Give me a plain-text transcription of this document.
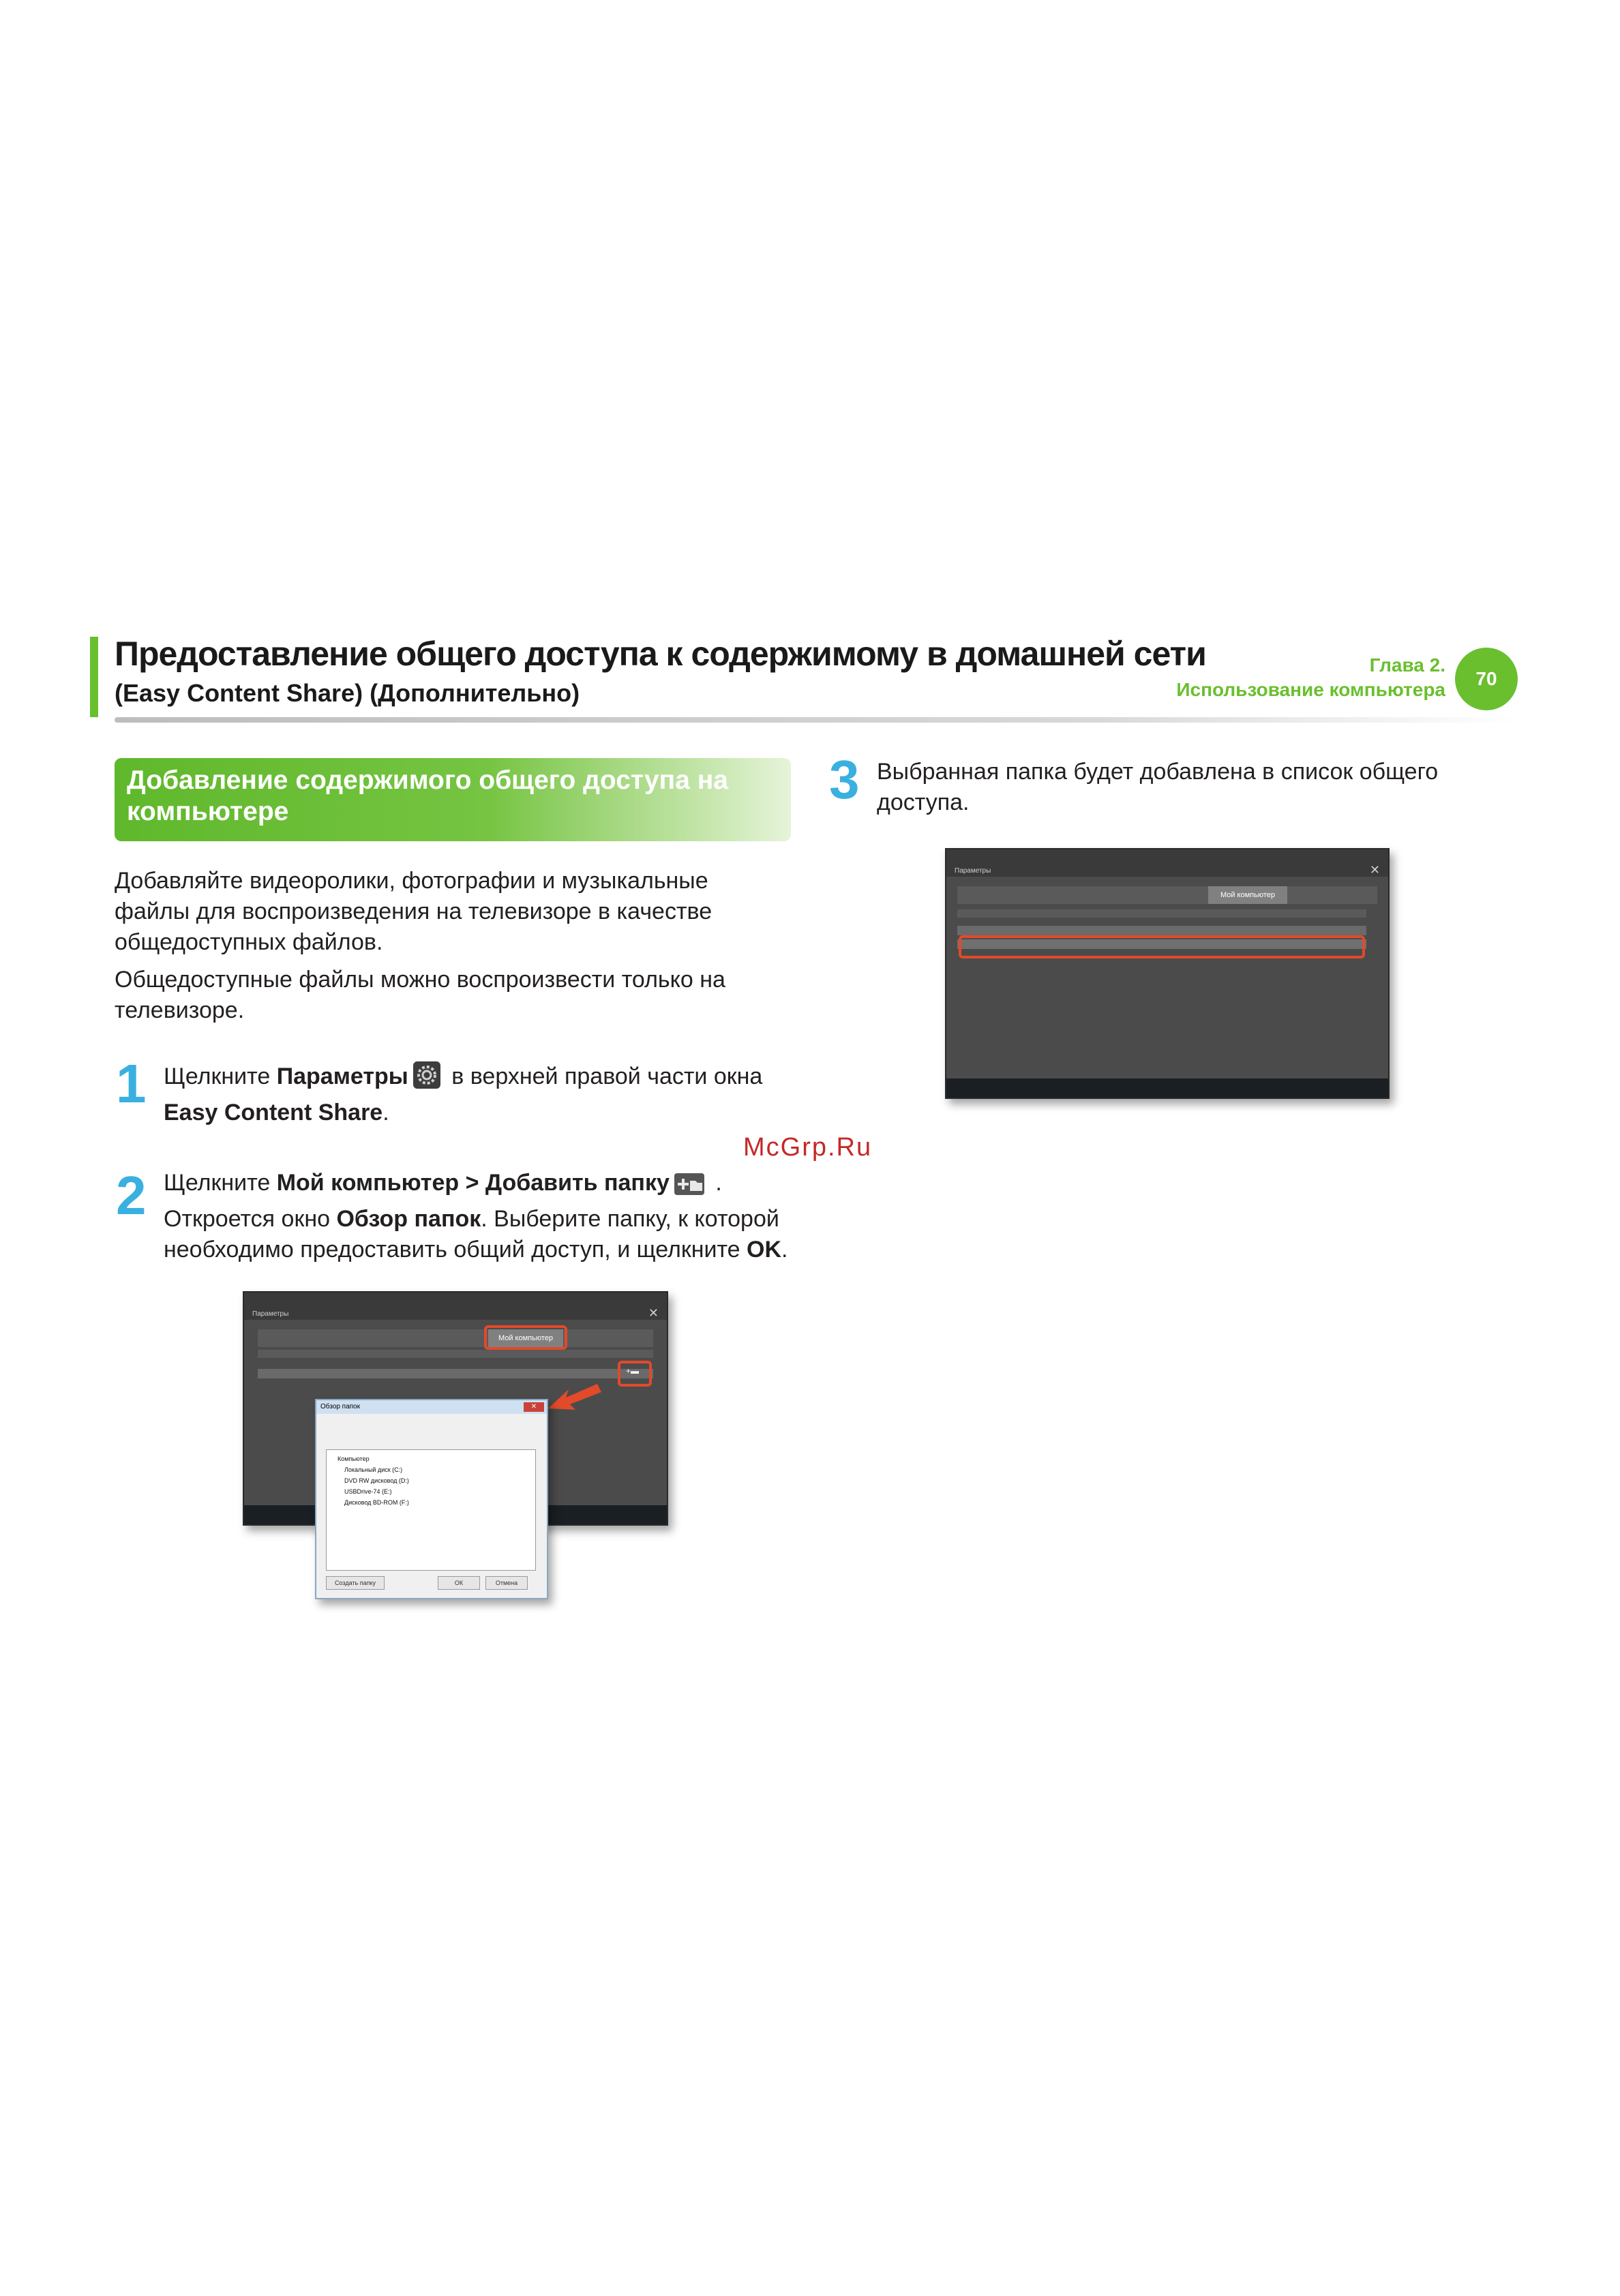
Предоставление общего доступа к содержимому в домашней сети
(Easy Content Share) (Дополнительно)
Глава 2.
Использование компьютера
70
Добавление содержимого общего доступа на компьютере
Добавляйте видеоролики, фотографии и музыкальные файлы для воспроизведения на телевизоре в качестве общедоступных файлов.
Общедоступные файлы можно воспроизвести только на телевизоре.
1 Щелкните Параметры в верхней правой части окна Easy Content Share.
McGrp.Ru
2 Щелкните Мой компьютер > Добавить папку .
Откроется окно Обзор папок. Выберите папку, к которой необходимо предоставить общий доступ, и щелкните OK.
3 Выбранная папка будет добавлена в список общего доступа.
Параметры	✕
Мой компьютер
+▬
Обзор папок	✕
Компьютер
Локальный диск (C:)
DVD RW дисковод (D:)
USBDrive-74 (E:)
Дисковод BD-ROM (F:)
Создать папку	ОК	Отмена
Параметры	✕
Мой компьютер
